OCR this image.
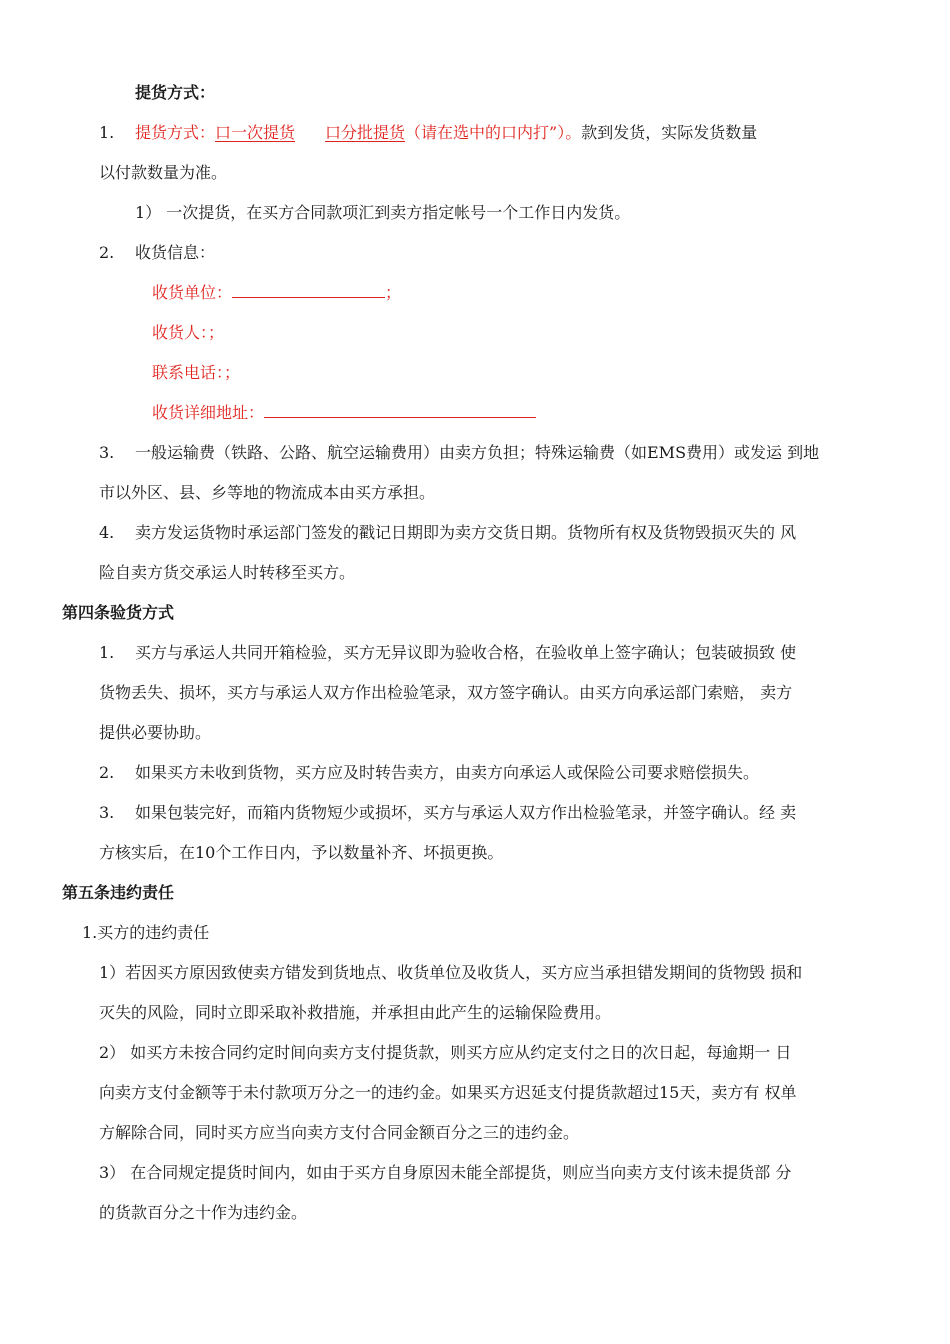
提货方式：
1. 提货方式：口一次提货 口分批提货（请在选中的口内打”）。款到发货，实际发货数量
以付款数量为准。
1） 一次提货，在买方合同款项汇到卖方指定帐号一个工作日内发货。
2. 收货信息：
收货单位：	；
收货人：；
联系电话：；
收货详细地址：
3. 一般运输费（铁路、公路、航空运输费用）由卖方负担；特殊运输费（如EMS费用）或发运 到地
市以外区、县、乡等地的物流成本由买方承担。
4. 卖方发运货物时承运部门签发的戳记日期即为卖方交货日期。货物所有权及货物毁损灭失的 风
险自卖方货交承运人时转移至买方。
第四条验货方式
1. 买方与承运人共同开箱检验，买方无异议即为验收合格，在验收单上签字确认；包装破损致 使
货物丢失、损坏，买方与承运人双方作出检验笔录，双方签字确认。由买方向承运部门索赔， 卖方
提供必要协助。
2. 如果买方未收到货物，买方应及时转告卖方，由卖方向承运人或保险公司要求赔偿损失。
3. 如果包装完好，而箱内货物短少或损坏，买方与承运人双方作出检验笔录，并签字确认。经 卖
方核实后，在10个工作日内，予以数量补齐、坏损更换。
第五条违约责任
1.买方的违约责任
1）若因买方原因致使卖方错发到货地点、收货单位及收货人，买方应当承担错发期间的货物毁 损和
灭失的风险，同时立即采取补救措施，并承担由此产生的运输保险费用。
2） 如买方未按合同约定时间向卖方支付提货款，则买方应从约定支付之日的次日起，每逾期一 日
向卖方支付金额等于未付款项万分之一的违约金。如果买方迟延支付提货款超过15天，卖方有 权单
方解除合同，同时买方应当向卖方支付合同金额百分之三的违约金。
3） 在合同规定提货时间内，如由于买方自身原因未能全部提货，则应当向卖方支付该未提货部 分
的货款百分之十作为违约金。
